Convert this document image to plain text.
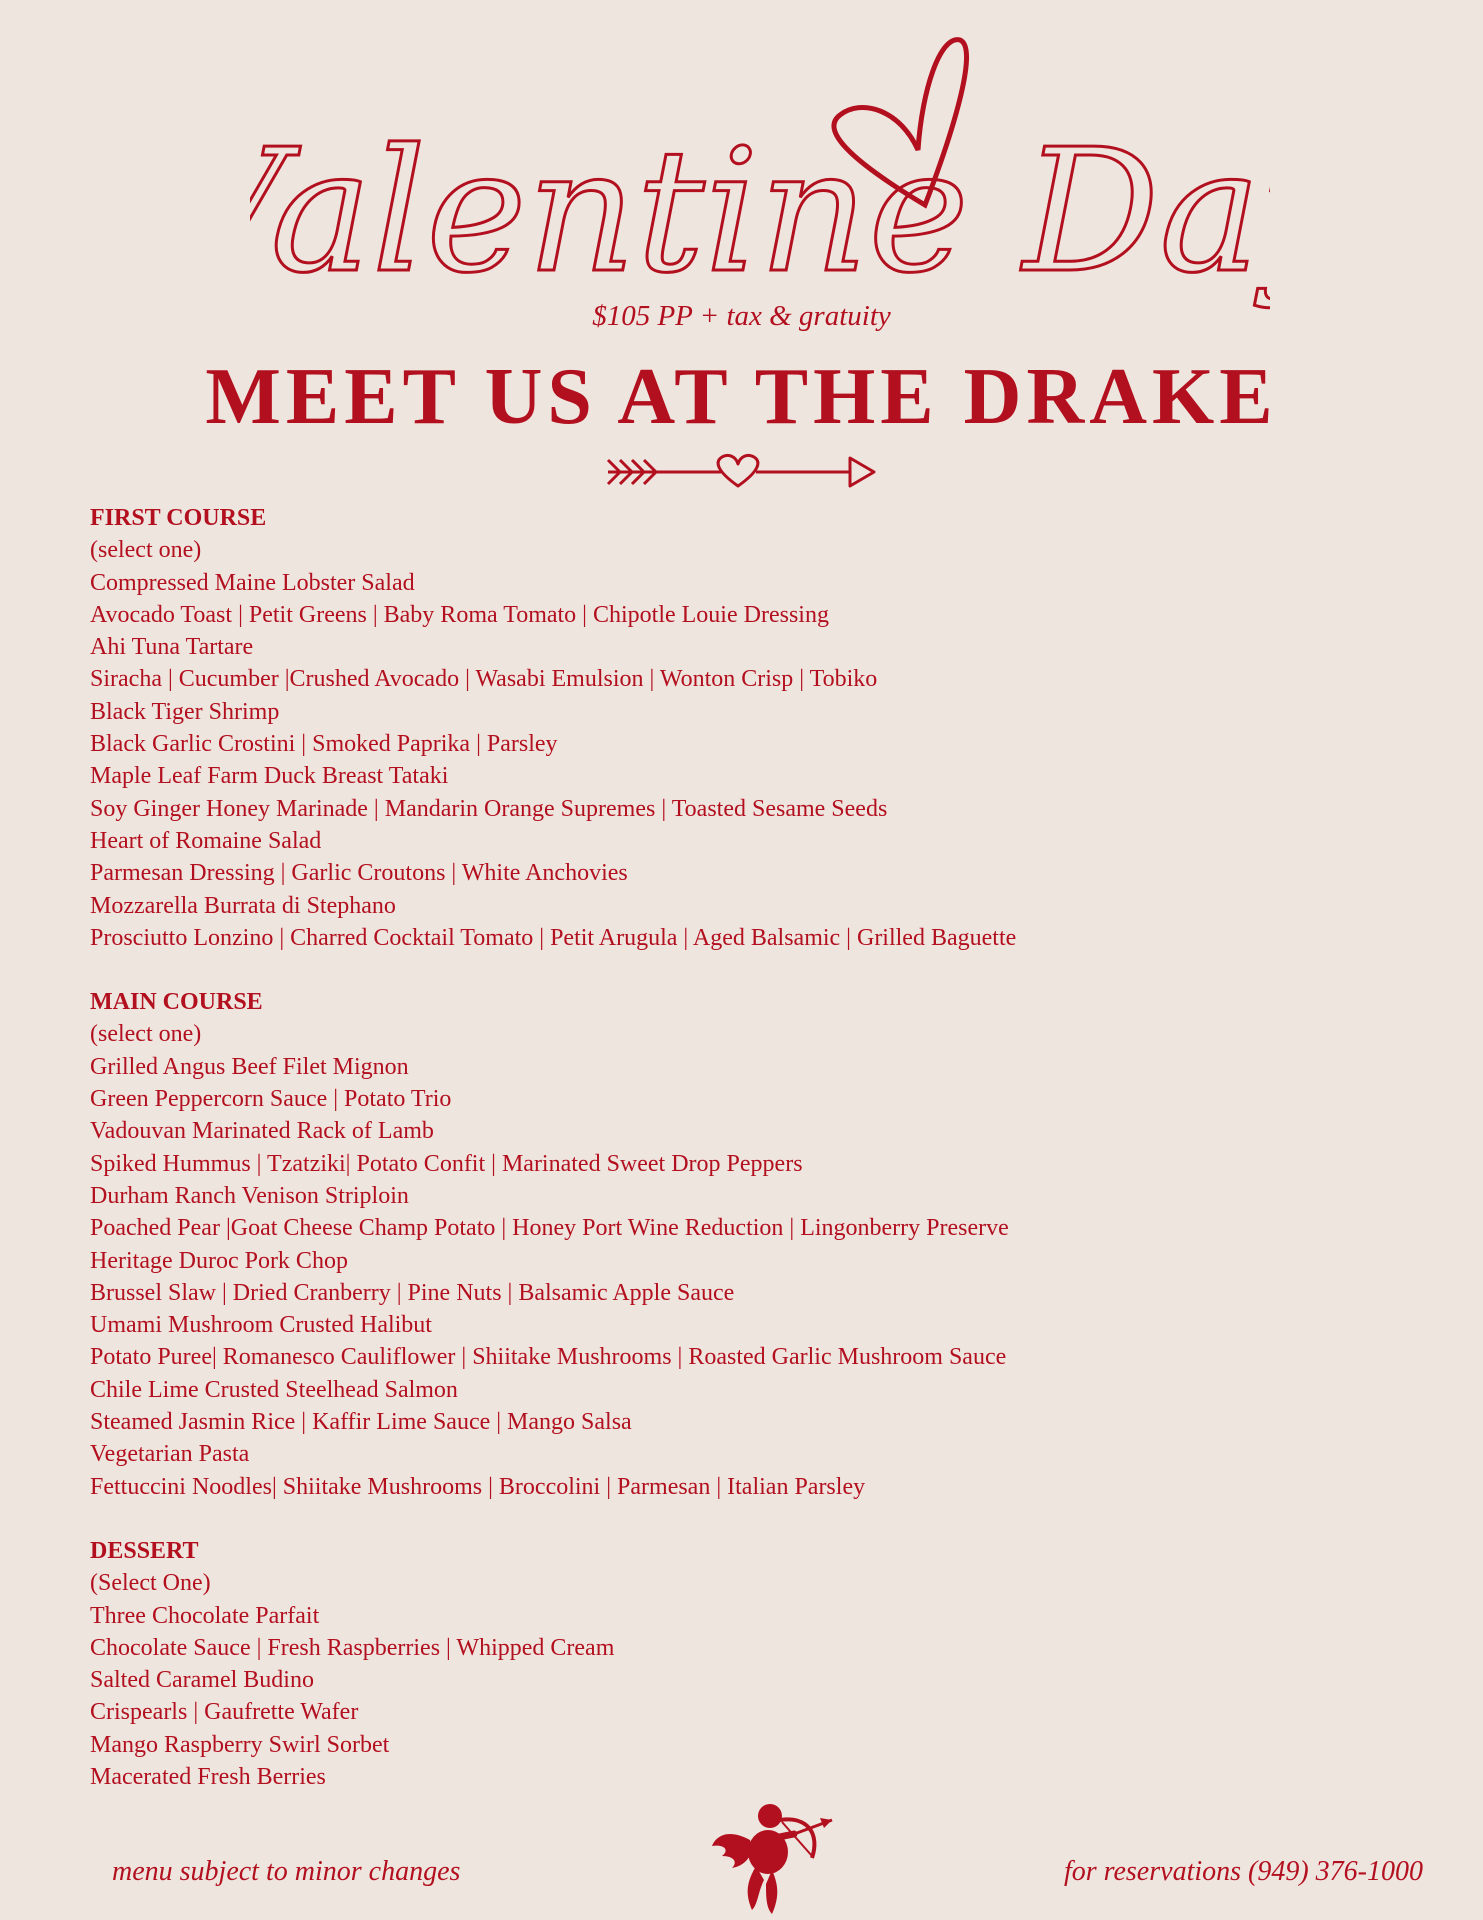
alentine Da
$105 PP + tax & gratuity
MEET US AT THE DRAKE
FIRST COURSE
(select one)
Compressed Maine Lobster Salad
Avocado Toast | Petit Greens | Baby Roma Tomato | Chipotle Louie Dressing
Ahi Tuna Tartare
Siracha | Cucumber |Crushed Avocado | Wasabi Emulsion | Wonton Crisp | Tobiko
Black Tiger Shrimp
Black Garlic Crostini | Smoked Paprika | Parsley
Maple Leaf Farm Duck Breast Tataki
Soy Ginger Honey Marinade | Mandarin Orange Supremes | Toasted Sesame Seeds
Heart of Romaine Salad
Parmesan Dressing | Garlic Croutons | White Anchovies
Mozzarella Burrata di Stephano
Prosciutto Lonzino | Charred Cocktail Tomato | Petit Arugula | Aged Balsamic | Grilled Baguette
MAIN COURSE
(select one)
Grilled Angus Beef Filet Mignon
Green Peppercorn Sauce | Potato Trio
Vadouvan Marinated Rack of Lamb
Spiked Hummus | Tzatziki| Potato Confit | Marinated Sweet Drop Peppers
Durham Ranch Venison Striploin
Poached Pear |Goat Cheese Champ Potato | Honey Port Wine Reduction | Lingonberry Preserve
Heritage Duroc Pork Chop
Brussel Slaw | Dried Cranberry | Pine Nuts | Balsamic Apple Sauce
Umami Mushroom Crusted Halibut
Potato Puree| Romanesco Cauliflower | Shiitake Mushrooms | Roasted Garlic Mushroom Sauce
Chile Lime Crusted Steelhead Salmon
Steamed Jasmin Rice | Kaffir Lime Sauce | Mango Salsa
Vegetarian Pasta
Fettuccini Noodles| Shiitake Mushrooms | Broccolini | Parmesan | Italian Parsley
DESSERT
(Select One)
Three Chocolate Parfait
Chocolate Sauce | Fresh Raspberries | Whipped Cream
Salted Caramel Budino
Crispearls | Gaufrette Wafer
Mango Raspberry Swirl Sorbet
Macerated Fresh Berries
menu subject to minor changes	for reservations (949) 376-1000
